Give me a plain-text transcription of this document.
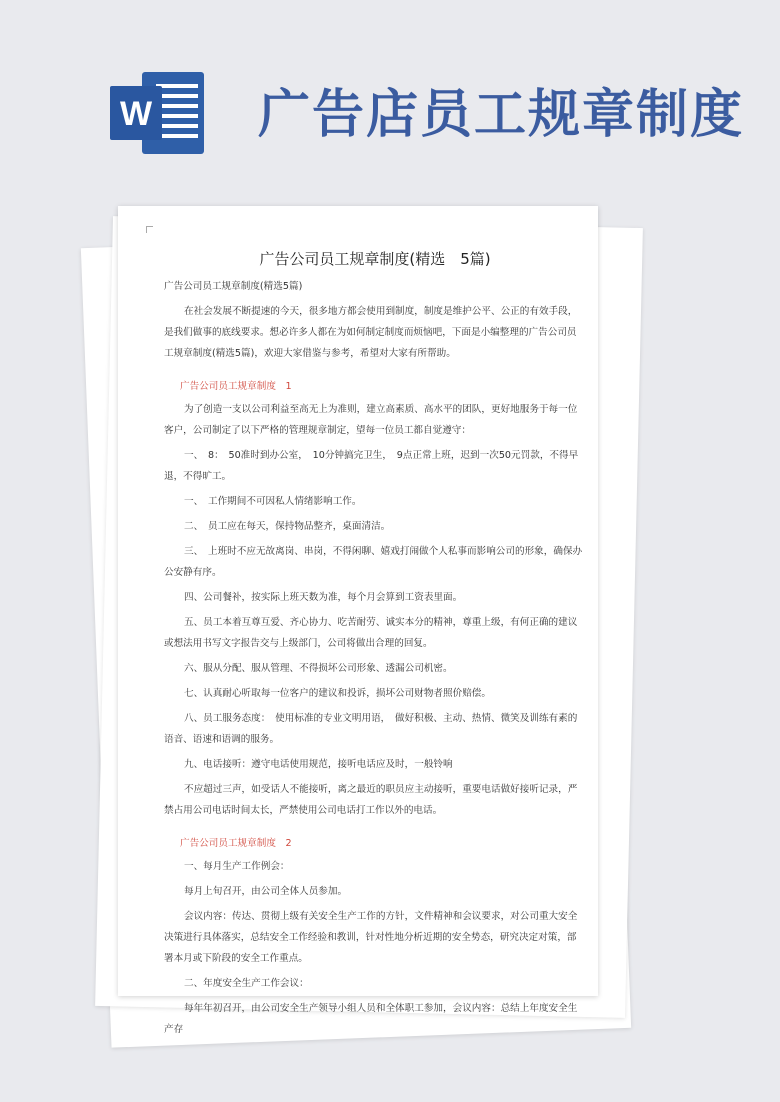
W 广告店员工规章制度
广告公司员工规章制度(精选　5篇)
广告公司员工规章制度(精选5篇)
在社会发展不断提速的今天，很多地方都会使用到制度，制度是维护公平、公正的有效手段，是我们做事的底线要求。想必许多人都在为如何制定制度而烦恼吧，下面是小编整理的广告公司员工规章制度(精选5篇)，欢迎大家借鉴与参考，希望对大家有所帮助。
广告公司员工规章制度　1
为了创造一支以公司利益至高无上为准则，建立高素质、高水平的团队，更好地服务于每一位客户，公司制定了以下严格的管理规章制定，望每一位员工都自觉遵守：
一、　8：　50准时到办公室，　10分钟搞完卫生，　9点正常上班，迟到一次50元罚款，不得早退，不得旷工。
一、　工作期间不可因私人情绪影响工作。
二、　员工应在每天，保持物品整齐，桌面清洁。
三、　上班时不应无故离岗、串岗，不得闲聊、嬉戏打闹做个人私事而影响公司的形象，确保办公安静有序。
四、公司餐补，按实际上班天数为准，每个月会算到工资表里面。
五、员工本着互尊互爱、齐心协力、吃苦耐劳、诚实本分的精神，尊重上级，有何正确的建议或想法用书写文字报告交与上级部门，公司将做出合理的回复。
六、服从分配、服从管理、不得损坏公司形象、透漏公司机密。
七、认真耐心听取每一位客户的建议和投诉，损坏公司财物者照价赔偿。
八、员工服务态度：　使用标准的专业文明用语，　做好积极、主动、热情、微笑及训练有素的语音、语速和语调的服务。
九、电话接听：遵守电话使用规范，接听电话应及时，一般铃响
不应超过三声，如受话人不能接听，离之最近的职员应主动接听，重要电话做好接听记录，严禁占用公司电话时间太长，严禁使用公司电话打工作以外的电话。
广告公司员工规章制度　2
一、每月生产工作例会：
每月上旬召开，由公司全体人员参加。
会议内容：传达、贯彻上级有关安全生产工作的方针，文件精神和会议要求，对公司重大安全决策进行具体落实，总结安全工作经验和教训，针对性地分析近期的安全势态，研究决定对策，部署本月或下阶段的安全工作重点。
二、年度安全生产工作会议：
每年年初召开，由公司安全生产领导小组人员和全体职工参加，会议内容：总结上年度安全生产存
